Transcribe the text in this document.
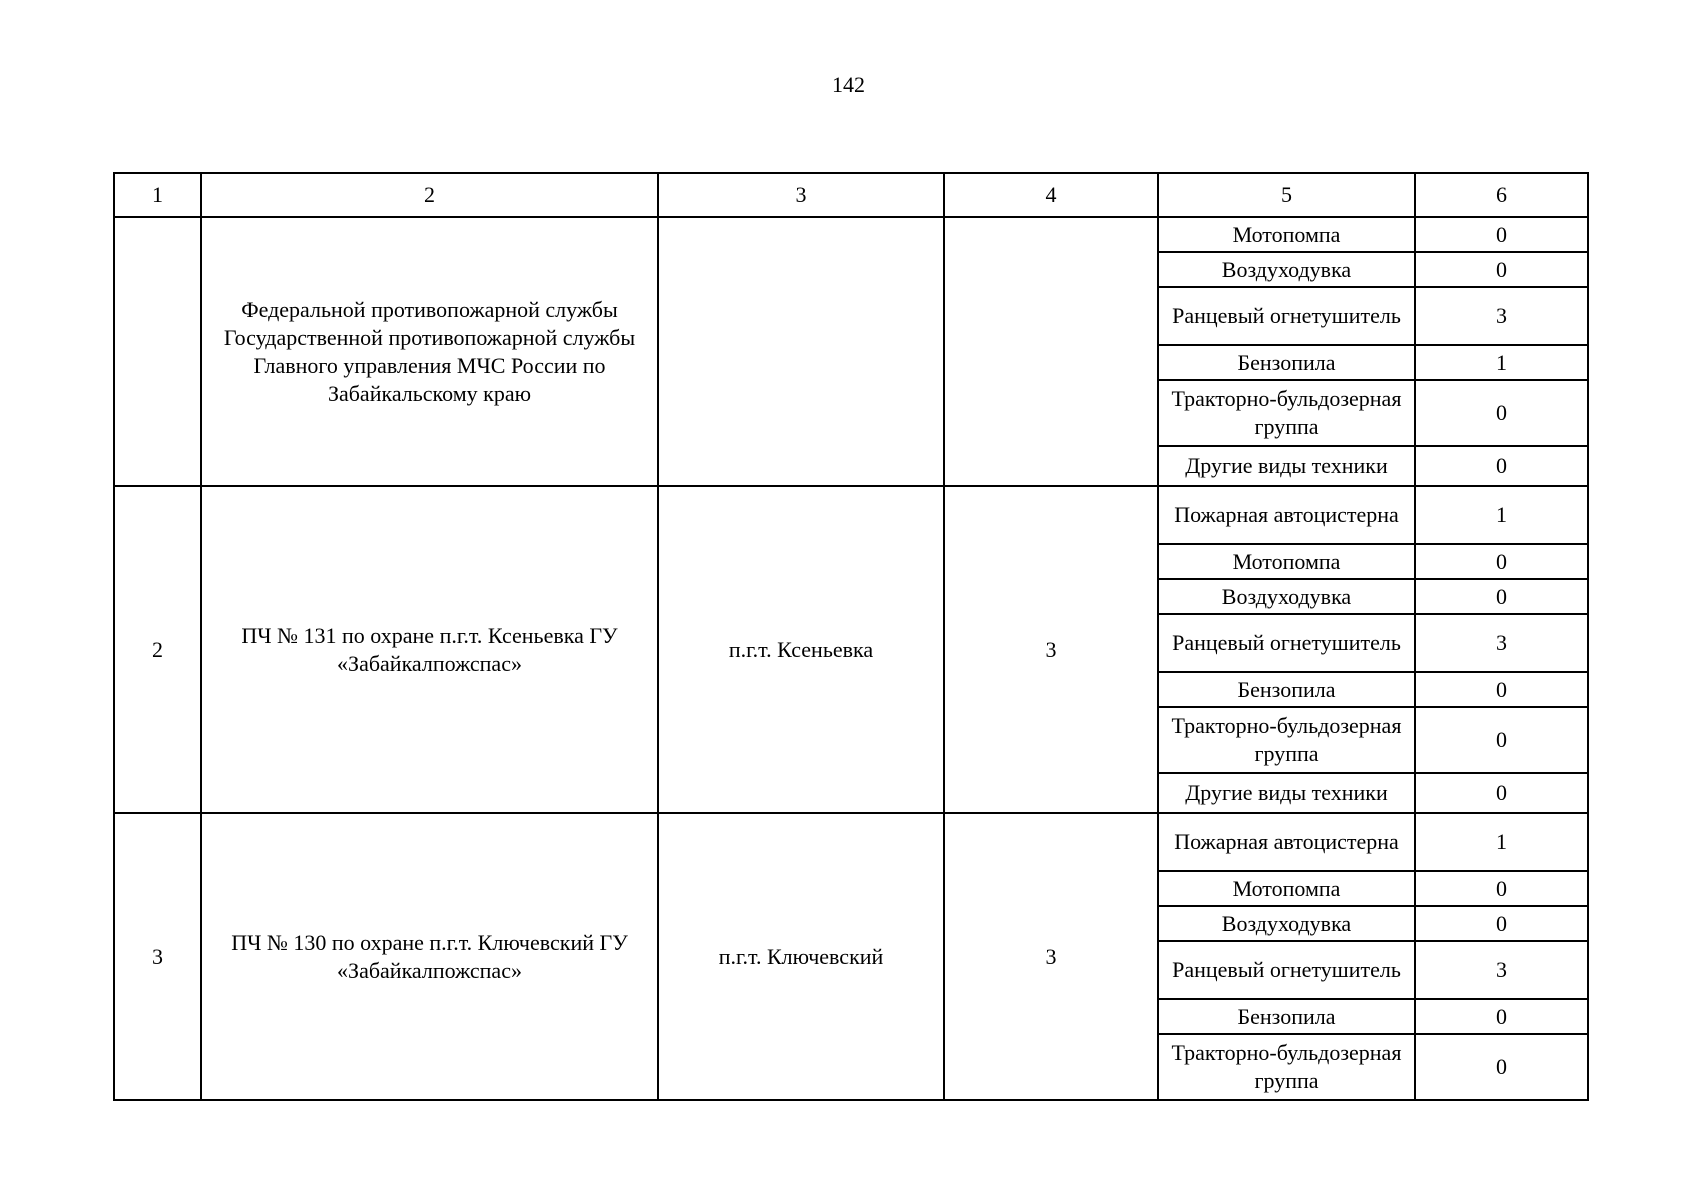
142
1	2	3	4	5	6
	Федеральной противопожарной службы Государственной противопожарной службы Главного управления МЧС России по Забайкальскому краю			Мотопомпа	0
				Воздуходувка	0
				Ранцевый огнетушитель	3
				Бензопила	1
				Тракторно-бульдозерная группа	0
				Другие виды техники	0
2	ПЧ № 131 по охране п.г.т. Ксеньевка ГУ «Забайкалпожспас»	п.г.т. Ксеньевка	3	Пожарная автоцистерна	1
				Мотопомпа	0
				Воздуходувка	0
				Ранцевый огнетушитель	3
				Бензопила	0
				Тракторно-бульдозерная группа	0
				Другие виды техники	0
3	ПЧ № 130 по охране п.г.т. Ключевский ГУ «Забайкалпожспас»	п.г.т. Ключевский	3	Пожарная автоцистерна	1
				Мотопомпа	0
				Воздуходувка	0
				Ранцевый огнетушитель	3
				Бензопила	0
				Тракторно-бульдозерная группа	0
